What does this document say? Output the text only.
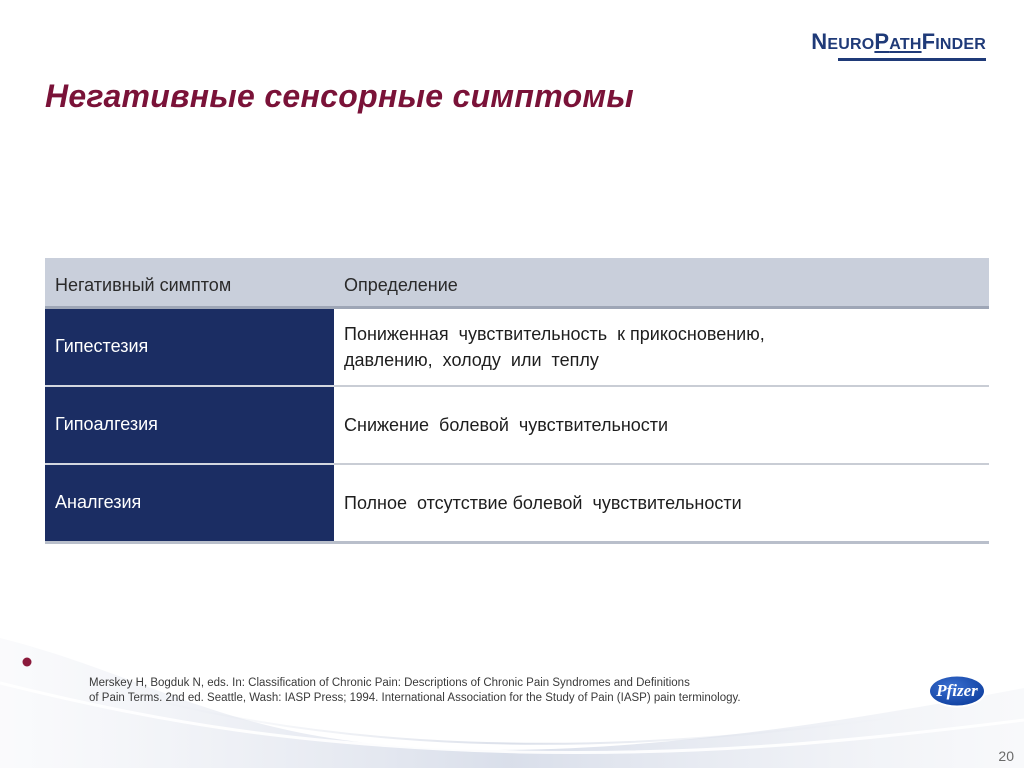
NEUROPATHFINDER
Негативные сенсорные симптомы
Негативный симптом	Определение
Гипестезия	Пониженная  чувствительность  к прикосновению,
давлению,  холоду  или  теплу

Гипоалгезия	Снижение  болевой  чувствительности

Аналгезия	Полное  отсутствие болевой  чувствительности
Merskey H, Bogduk N, eds. In: Classification of Chronic Pain: Descriptions of Chronic Pain Syndromes and Definitions
of Pain Terms. 2nd ed. Seattle, Wash: IASP Press; 1994. International Association for the Study of Pain (IASP) pain terminology.	Pfizer
20
